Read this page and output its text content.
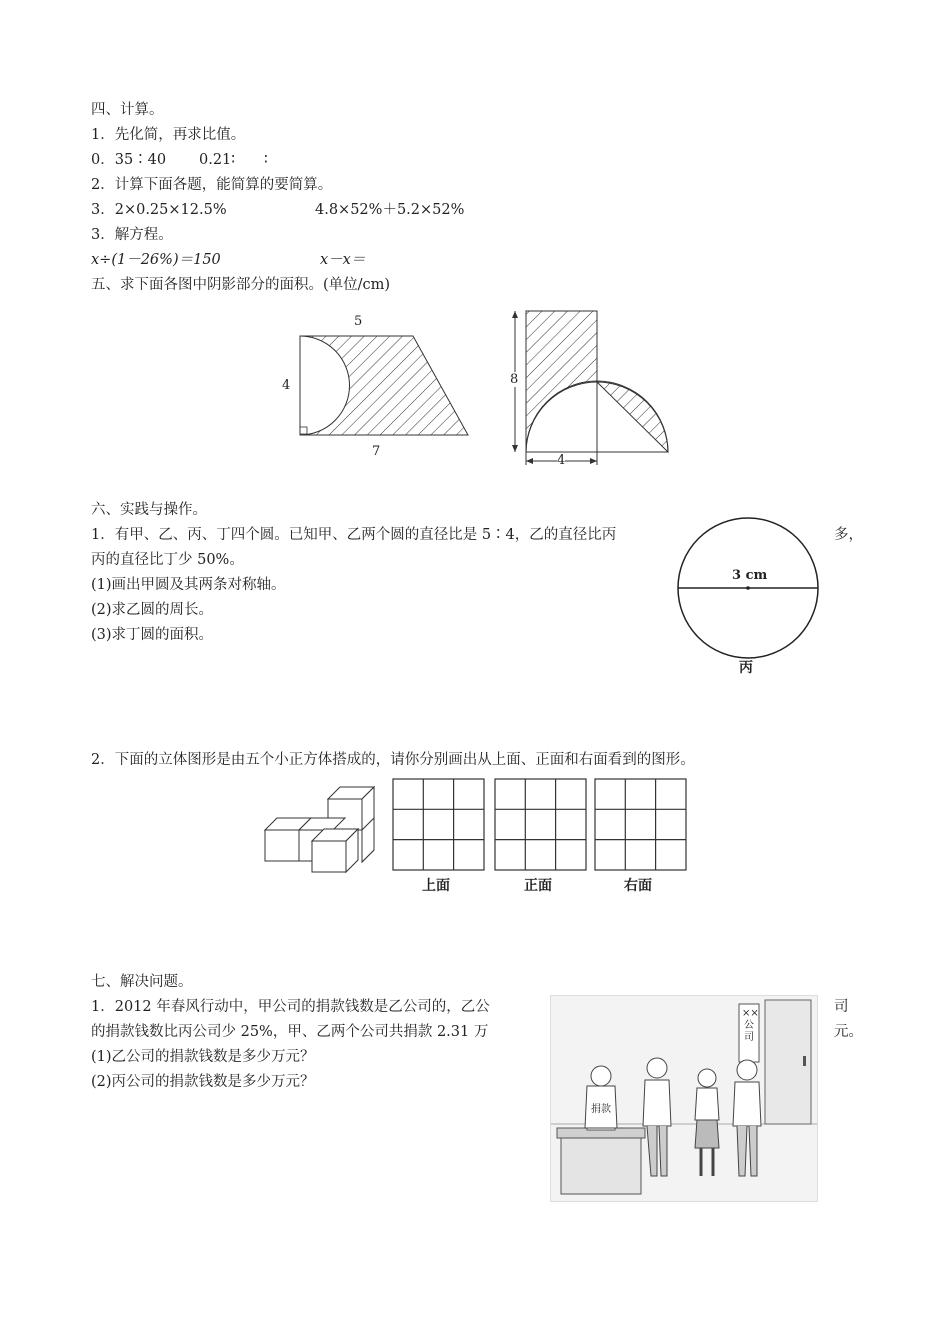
四、计算。
1．先化简，再求比值。
0．35∶40 0.21∶　　∶
2．计算下面各题，能简算的要简算。
3．2×0.25×12.5%	4.8×52%＋5.2×52%
3．解方程。
x÷(1－26%)＝150	x－x＝
五、求下面各图中阴影部分的面积。(单位/cm)
5
4
7
8
4
六、实践与操作。
1．有甲、乙、丙、丁四个圆。已知甲、乙两个圆的直径比是 5∶4，乙的直径比丙	多，
丙的直径比丁少 50%。
(1)画出甲圆及其两条对称轴。
(2)求乙圆的周长。
(3)求丁圆的面积。
3 cm
丙
2．下面的立体图形是由五个小正方体搭成的，请你分别画出从上面、正面和右面看到的图形。
上面	正面	右面
七、解决问题。
1．2012 年春风行动中，甲公司的捐款钱数是乙公司的，乙公	司
的捐款钱数比丙公司少 25%，甲、乙两个公司共捐款 2.31 万	元。
(1)乙公司的捐款钱数是多少万元？
(2)丙公司的捐款钱数是多少万元？
××公司
捐款
